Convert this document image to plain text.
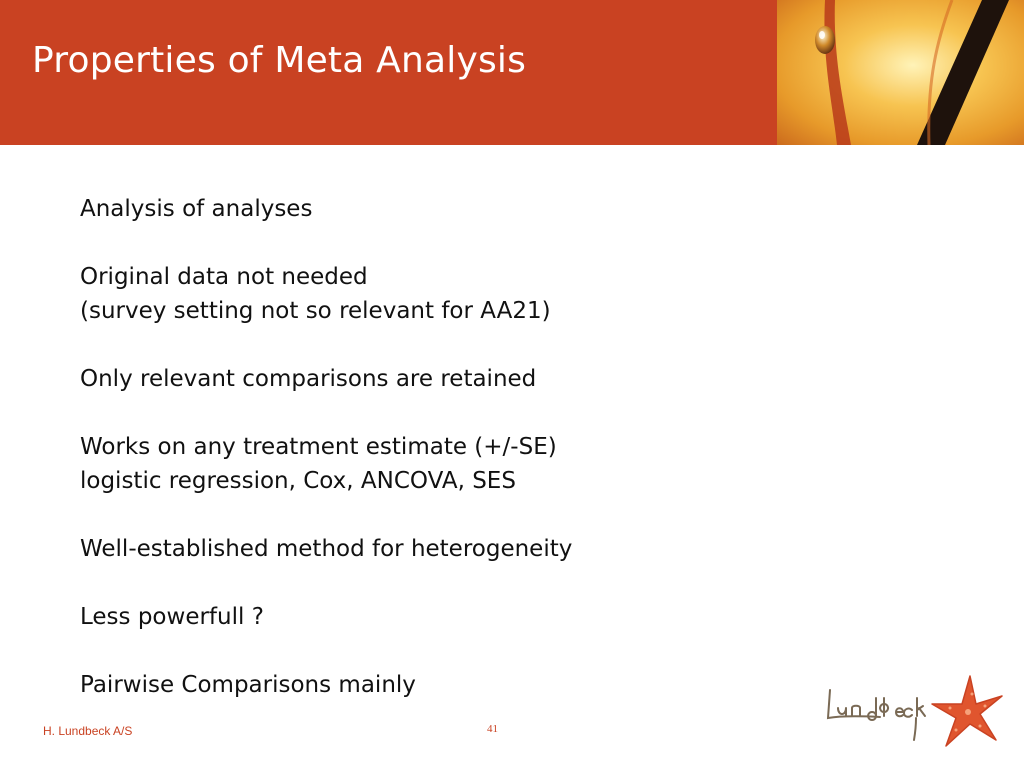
Properties of Meta Analysis

Analysis of analyses

Original data not needed
(survey setting not so relevant for AA21)

Only relevant comparisons are retained

Works on any treatment estimate (+/-SE)
logistic regression, Cox, ANCOVA, SES

Well-established method for heterogeneity

Less powerfull ?

Pairwise Comparisons mainly

H. Lundbeck A/S	41
